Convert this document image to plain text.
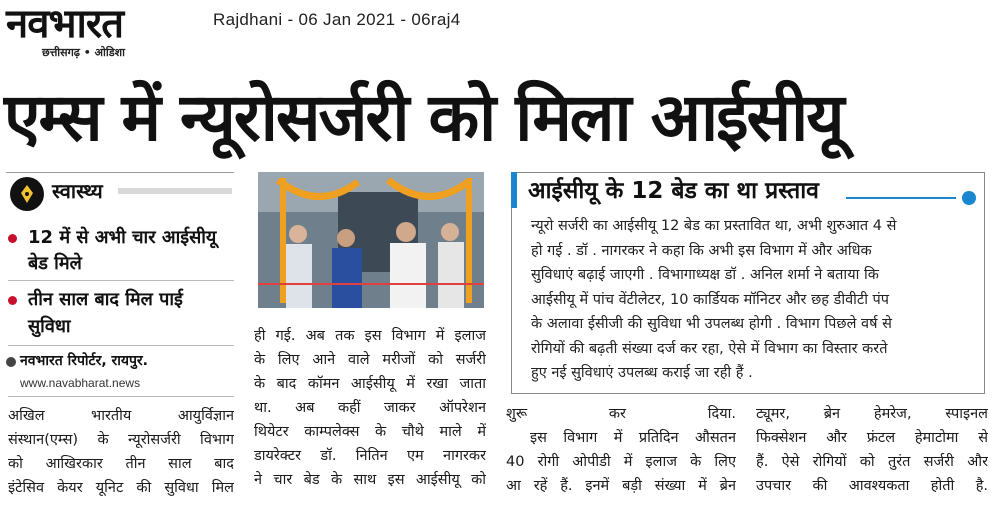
नवभारत
छत्तीसगढ़ • ओडिशा
Rajdhani - 06 Jan 2021 - 06raj4
एम्स में न्यूरोसर्जरी को मिला आईसीयू
स्वास्थ्य
12 में से अभी चार आईसीयू
बेड मिले
तीन साल बाद मिल पाई
सुविधा
नवभारत रिपोर्टर, रायपुर.
www.navabharat.news
अखिल भारतीय आयुर्विज्ञान
संस्थान(एम्स) के न्यूरोसर्जरी विभाग
को आखिरकार तीन साल बाद
इंटेसिव केयर यूनिट की सुविधा मिल
ही गई. अब तक इस विभाग में इलाज
के लिए आने वाले मरीजों को सर्जरी
के बाद कॉमन आईसीयू में रखा जाता
था. अब कहीं जाकर ऑपरेशन
थियेटर काम्पलेक्स के चौथे माले में
डायरेक्टर डॉ. नितिन एम नागरकर
ने चार बेड के साथ इस आईसीयू को
आईसीयू के 12 बेड का था प्रस्ताव
न्यूरो सर्जरी का आईसीयू 12 बेड का प्रस्तावित था, अभी शुरुआत 4 से
हो गई . डॉ . नागरकर ने कहा कि अभी इस विभाग में और अधिक
सुविधाएं बढ़ाई जाएगी . विभागाध्यक्ष डॉ . अनिल शर्मा ने बताया कि
आईसीयू में पांच वेंटीलेटर, 10 कार्डियक मॉनिटर और छह डीवीटी पंप
के अलावा ईसीजी की सुविधा भी उपलब्ध होगी . विभाग पिछले वर्ष से
रोगियों की बढ़ती संख्या दर्ज कर रहा, ऐसे में विभाग का विस्तार करते
हुए नई सुविधाएं उपलब्ध कराई जा रही हैं .
शुरू कर दिया.
इस विभाग में प्रतिदिन औसतन
40 रोगी ओपीडी में इलाज के लिए
आ रहें हैं. इनमें बड़ी संख्या में ब्रेन
ट्यूमर, ब्रेन हेमरेज, स्पाइनल
फिक्सेशन और फ्रंटल हेमाटोमा से
हैं. ऐसे रोगियों को तुरंत सर्जरी और
उपचार की आवश्यकता होती है.
